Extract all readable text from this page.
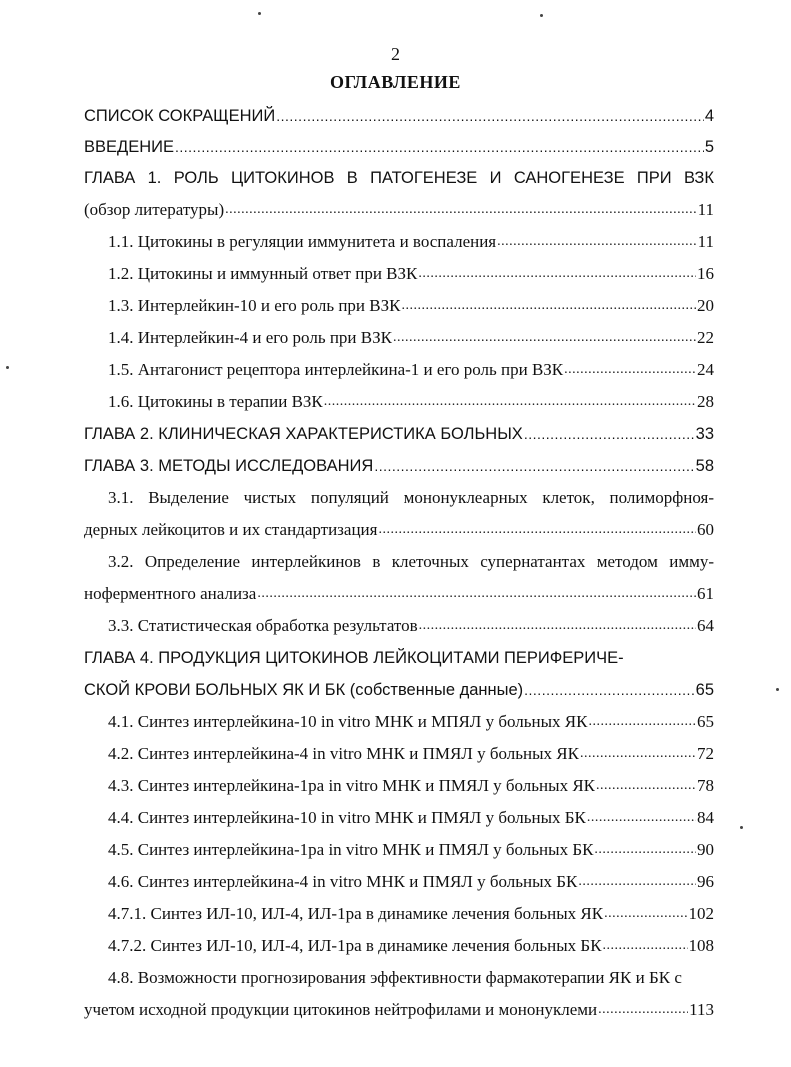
2
ОГЛАВЛЕНИЕ
СПИСОК СОКРАЩЕНИЙ .....	4
ВВЕДЕНИЕ .....	5
ГЛАВА 1. РОЛЬ ЦИТОКИНОВ В ПАТОГЕНЕЗЕ И САНОГЕНЕЗЕ ПРИ ВЗК
(обзор литературы) .....	11
1.1. Цитокины в регуляции иммунитета и воспаления .....	11
1.2. Цитокины и иммунный ответ при ВЗК .....	16
1.3. Интерлейкин-10 и его роль при ВЗК .....	20
1.4. Интерлейкин-4 и его роль при ВЗК .....	22
1.5. Антагонист рецептора интерлейкина-1 и его роль при ВЗК .....	24
1.6. Цитокины в терапии ВЗК .....	28
ГЛАВА 2. КЛИНИЧЕСКАЯ ХАРАКТЕРИСТИКА БОЛЬНЫХ .....	33
ГЛАВА 3. МЕТОДЫ ИССЛЕДОВАНИЯ .....	58
3.1. Выделение чистых популяций мононуклеарных клеток, полиморфноя-
дерных лейкоцитов и их стандартизация .....	60
3.2. Определение интерлейкинов в клеточных супернатантах методом имму-
ноферментного анализа .....	61
3.3. Статистическая обработка результатов .....	64
ГЛАВА 4. ПРОДУКЦИЯ ЦИТОКИНОВ ЛЕЙКОЦИТАМИ ПЕРИФЕРИЧЕ-
СКОЙ КРОВИ БОЛЬНЫХ ЯК И БК (собственные данные) .....	65
4.1. Синтез интерлейкина-10 in vitro МНК и МПЯЛ у больных ЯК .....	65
4.2. Синтез интерлейкина-4 in vitro МНК и ПМЯЛ у больных ЯК .....	72
4.3. Синтез интерлейкина-1ра in vitro МНК и ПМЯЛ у больных ЯК .....	78
4.4. Синтез интерлейкина-10 in vitro МНК и ПМЯЛ у больных БК .....	84
4.5. Синтез интерлейкина-1ра in vitro МНК и ПМЯЛ у больных БК .....	90
4.6. Синтез интерлейкина-4 in vitro МНК и ПМЯЛ у больных БК .....	96
4.7.1. Синтез ИЛ-10, ИЛ-4, ИЛ-1ра в динамике лечения больных ЯК .....	102
4.7.2. Синтез ИЛ-10, ИЛ-4, ИЛ-1ра в динамике лечения больных БК .....	108
4.8. Возможности прогнозирования эффективности фармакотерапии ЯК и БК с
учетом исходной продукции цитокинов нейтрофилами и мононуклеми .....	113
